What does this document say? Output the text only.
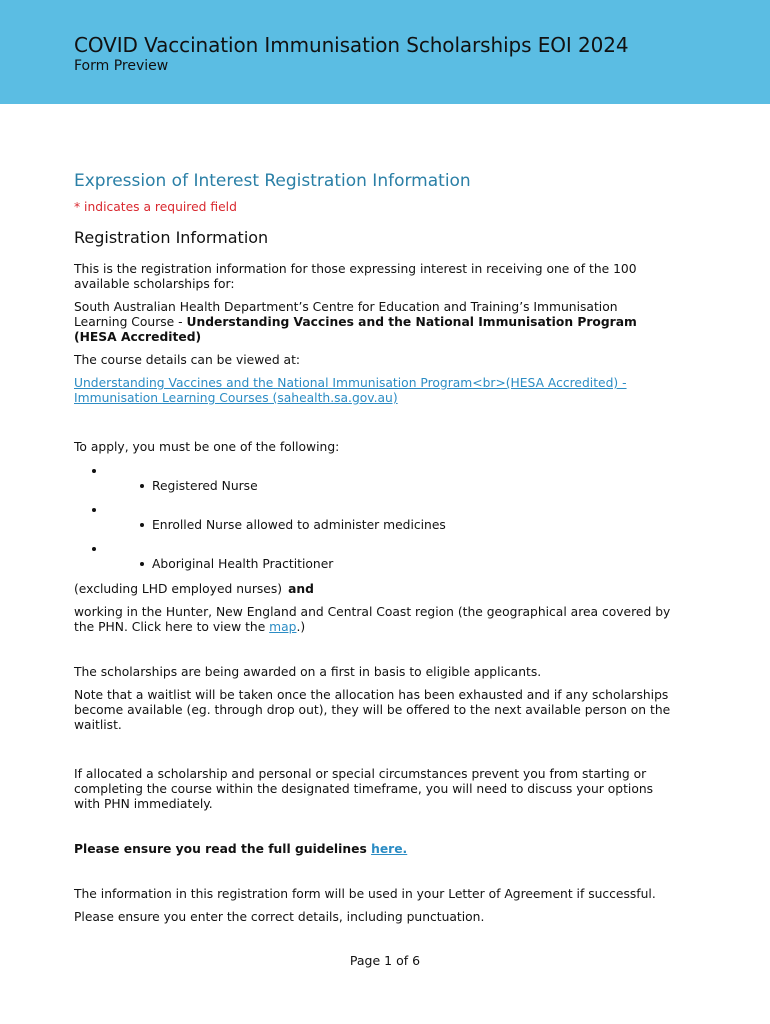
COVID Vaccination Immunisation Scholarships EOI 2024
Form Preview
Expression of Interest Registration Information
* indicates a required field
Registration Information

This is the registration information for those expressing interest in receiving one of the 100 available scholarships for:

South Australian Health Department’s Centre for Education and Training’s Immunisation Learning Course - Understanding Vaccines and the National Immunisation Program (HESA Accredited)

The course details can be viewed at:

Understanding Vaccines and the National Immunisation Program<br>(HESA Accredited) - Immunisation Learning Courses (sahealth.sa.gov.au)

To apply, you must be one of the following:

Registered Nurse
Enrolled Nurse allowed to administer medicines
Aboriginal Health Practitioner

(excluding LHD employed nurses) and

working in the Hunter, New England and Central Coast region (the geographical area covered by the PHN. Click here to view the map.)

The scholarships are being awarded on a first in basis to eligible applicants.

Note that a waitlist will be taken once the allocation has been exhausted and if any scholarships become available (eg. through drop out), they will be offered to the next available person on the waitlist.

If allocated a scholarship and personal or special circumstances prevent you from starting or completing the course within the designated timeframe, you will need to discuss your options with PHN immediately.

Please ensure you read the full guidelines here.

The information in this registration form will be used in your Letter of Agreement if successful.

Please ensure you enter the correct details, including punctuation.

Page 1 of 6
